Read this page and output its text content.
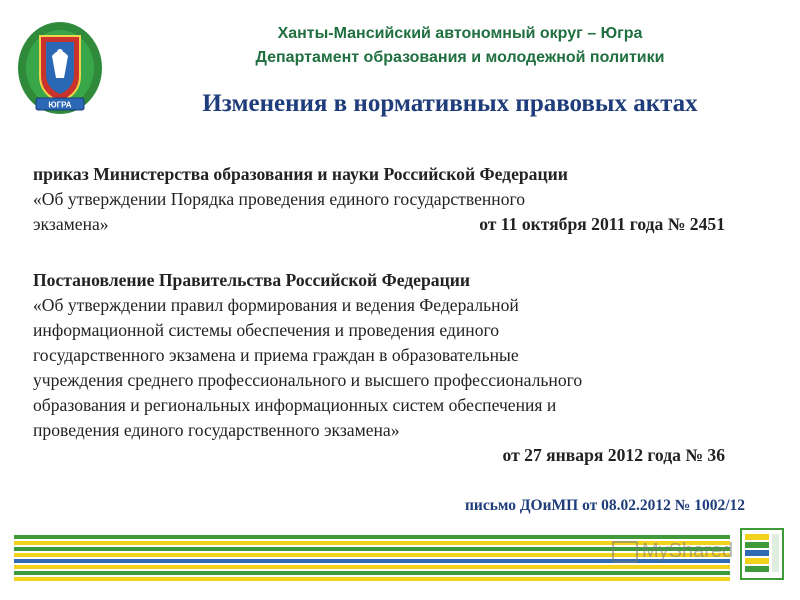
ЮГРА
Ханты-Мансийский автономный округ – Югра
Департамент образования и молодежной политики
Изменения в нормативных правовых актах
приказ Министерства образования и науки Российской Федерации
«Об утверждении Порядка проведения единого государственного
экзамена»	от 11 октября 2011 года № 2451
Постановление Правительства Российской Федерации
«Об утверждении правил формирования и ведения Федеральной
информационной системы обеспечения и проведения единого
государственного экзамена и приема граждан в образовательные
учреждения среднего профессионального и высшего профессионального
образования и региональных информационных систем обеспечения и
проведения единого государственного экзамена»
от 27 января 2012 года № 36
письмо ДОиМП от 08.02.2012 № 1002/12
MyShared
